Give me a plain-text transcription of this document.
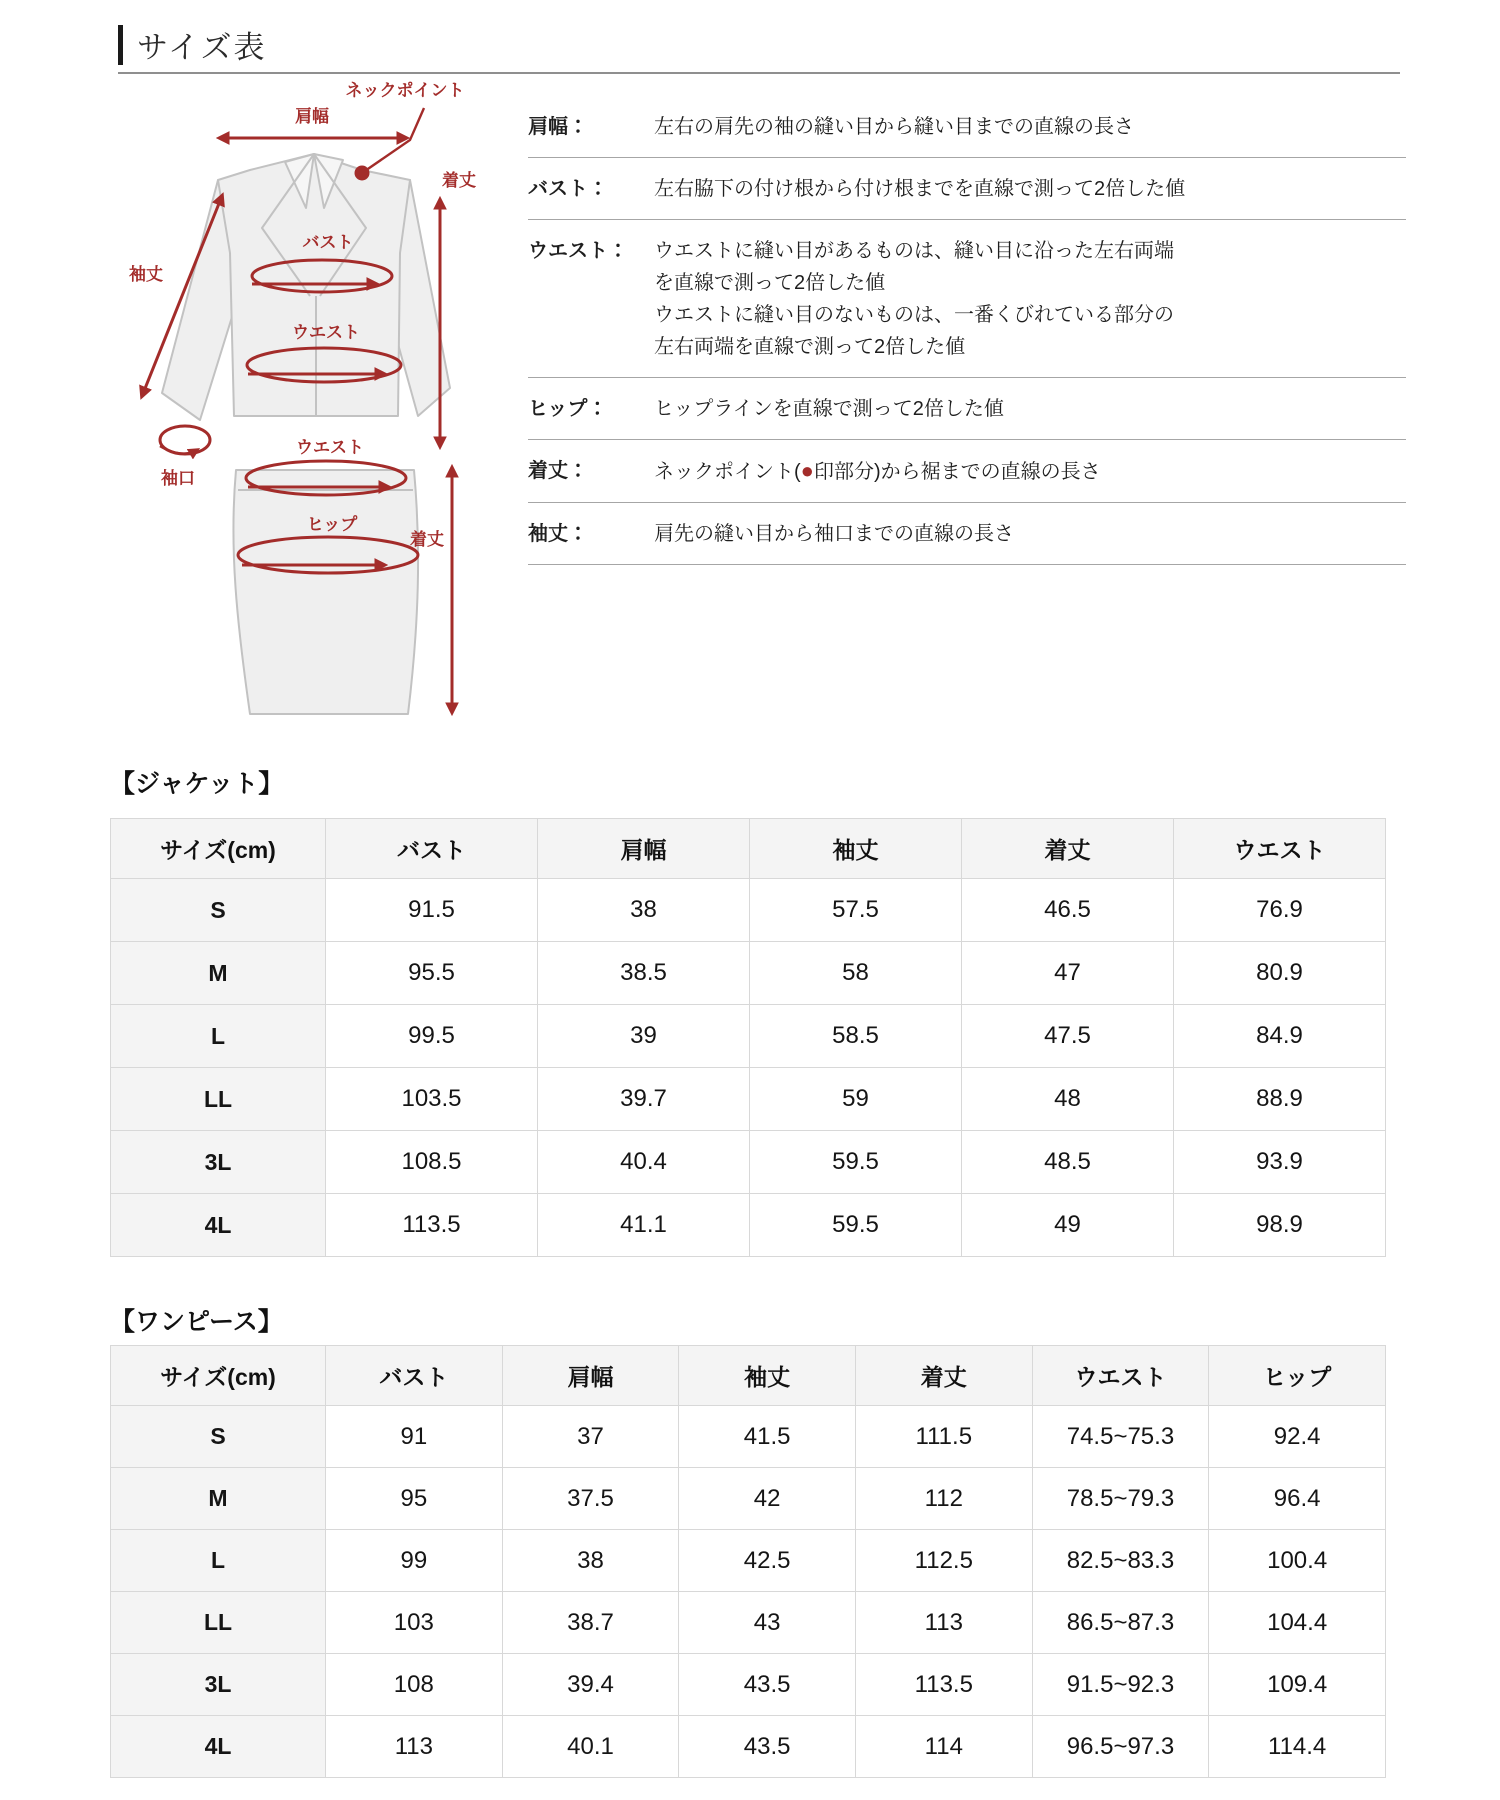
サイズ表
肩幅
ネックポイント
着丈
袖丈
バスト
ウエスト
袖口
ウエスト
ヒップ
着丈
肩幅：	左右の肩先の袖の縫い目から縫い目までの直線の長さ
バスト：	左右脇下の付け根から付け根までを直線で測って2倍した値
ウエスト：	ウエストに縫い目があるものは、縫い目に沿った左右両端
を直線で測って2倍した値
ウエストに縫い目のないものは、一番くびれている部分の
左右両端を直線で測って2倍した値
ヒップ：	ヒップラインを直線で測って2倍した値
着丈：	ネックポイント(●印部分)から裾までの直線の長さ
袖丈：	肩先の縫い目から袖口までの直線の長さ
【ジャケット】
サイズ(cm)	バスト	肩幅	袖丈	着丈	ウエスト
S	91.5	38	57.5	46.5	76.9
M	95.5	38.5	58	47	80.9
L	99.5	39	58.5	47.5	84.9
LL	103.5	39.7	59	48	88.9
3L	108.5	40.4	59.5	48.5	93.9
4L	113.5	41.1	59.5	49	98.9
【ワンピース】
サイズ(cm)	バスト	肩幅	袖丈	着丈	ウエスト	ヒップ
S	91	37	41.5	111.5	74.5~75.3	92.4
M	95	37.5	42	112	78.5~79.3	96.4
L	99	38	42.5	112.5	82.5~83.3	100.4
LL	103	38.7	43	113	86.5~87.3	104.4
3L	108	39.4	43.5	113.5	91.5~92.3	109.4
4L	113	40.1	43.5	114	96.5~97.3	114.4
